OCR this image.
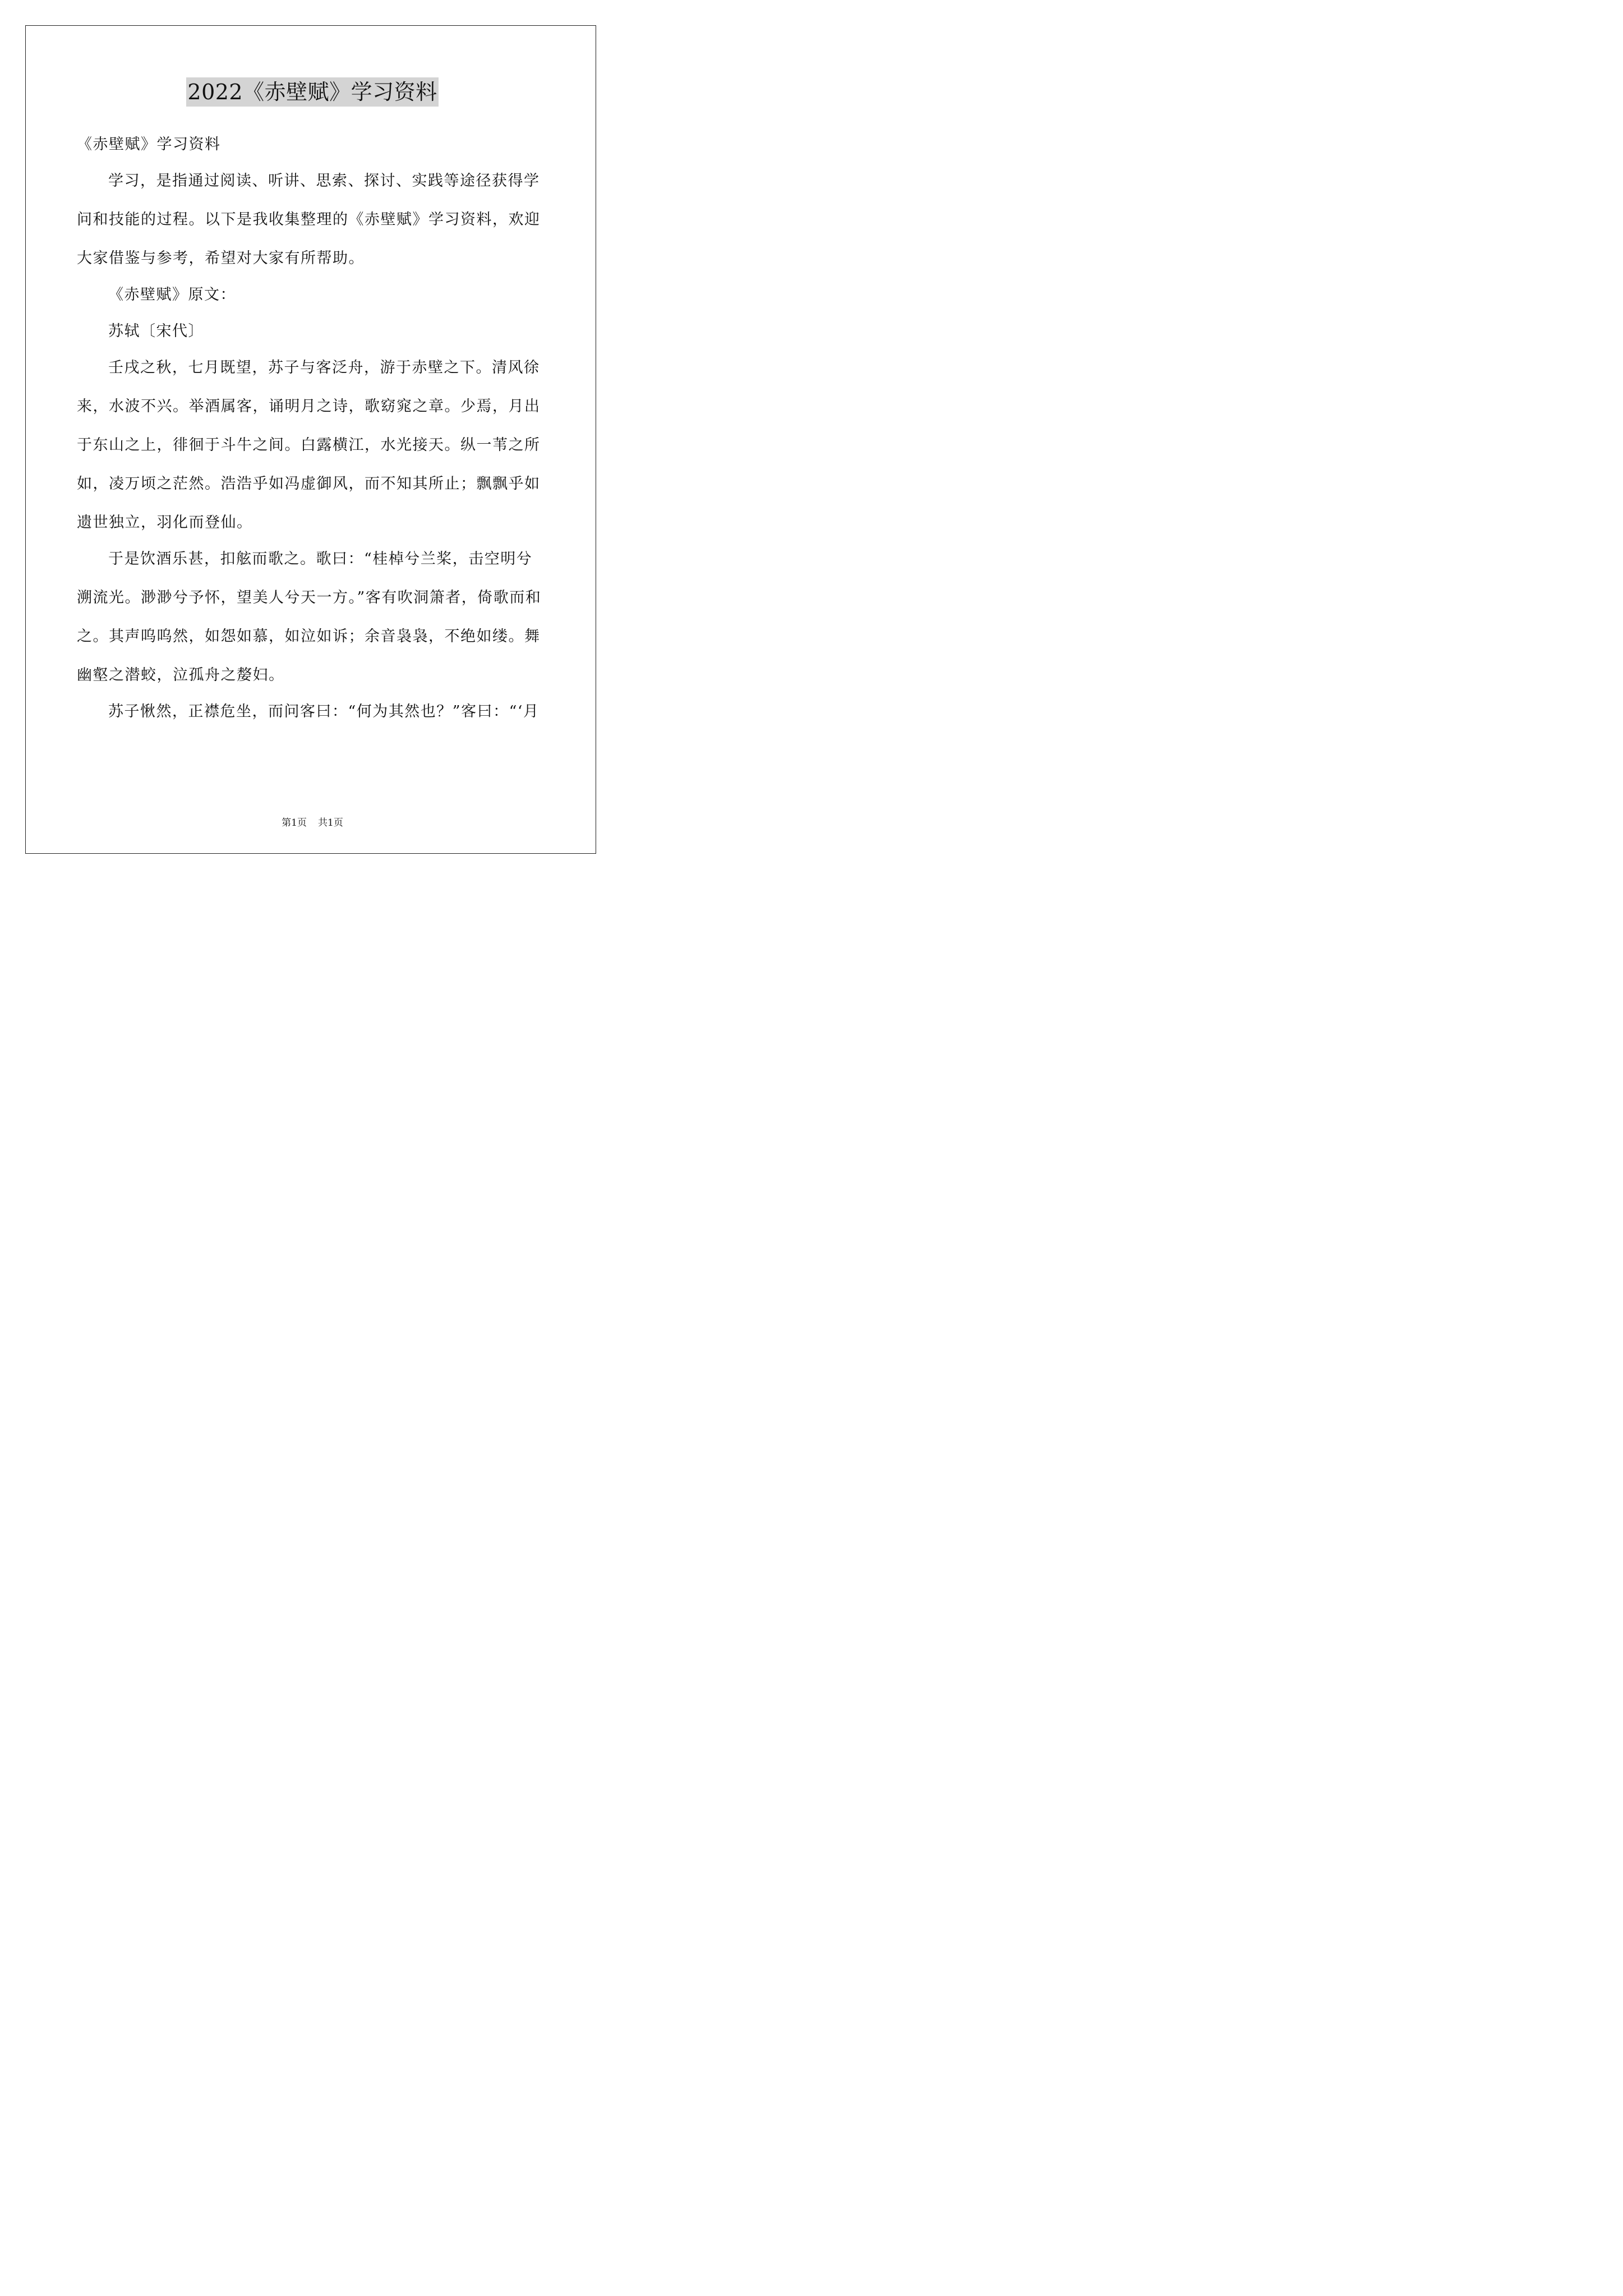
2022《赤壁赋》学习资料

《赤壁赋》学习资料

学习，是指通过阅读、听讲、思索、探讨、实践等途径获得学问和技能的过程。以下是我收集整理的《赤壁赋》学习资料，欢迎大家借鉴与参考，希望对大家有所帮助。

《赤壁赋》原文：

苏轼〔宋代〕

壬戌之秋，七月既望，苏子与客泛舟，游于赤壁之下。清风徐来，水波不兴。举酒属客，诵明月之诗，歌窈窕之章。少焉，月出于东山之上，徘徊于斗牛之间。白露横江，水光接天。纵一苇之所如，凌万顷之茫然。浩浩乎如冯虚御风，而不知其所止；飘飘乎如遗世独立，羽化而登仙。

于是饮酒乐甚，扣舷而歌之。歌曰：“桂棹兮兰桨，击空明兮溯流光。渺渺兮予怀，望美人兮天一方。”客有吹洞箫者，倚歌而和之。其声呜呜然，如怨如慕，如泣如诉；余音袅袅，不绝如缕。舞幽壑之潜蛟，泣孤舟之嫠妇。

苏子愀然，正襟危坐，而问客曰：“何为其然也？”客曰：“‘月

第1页 共1页
